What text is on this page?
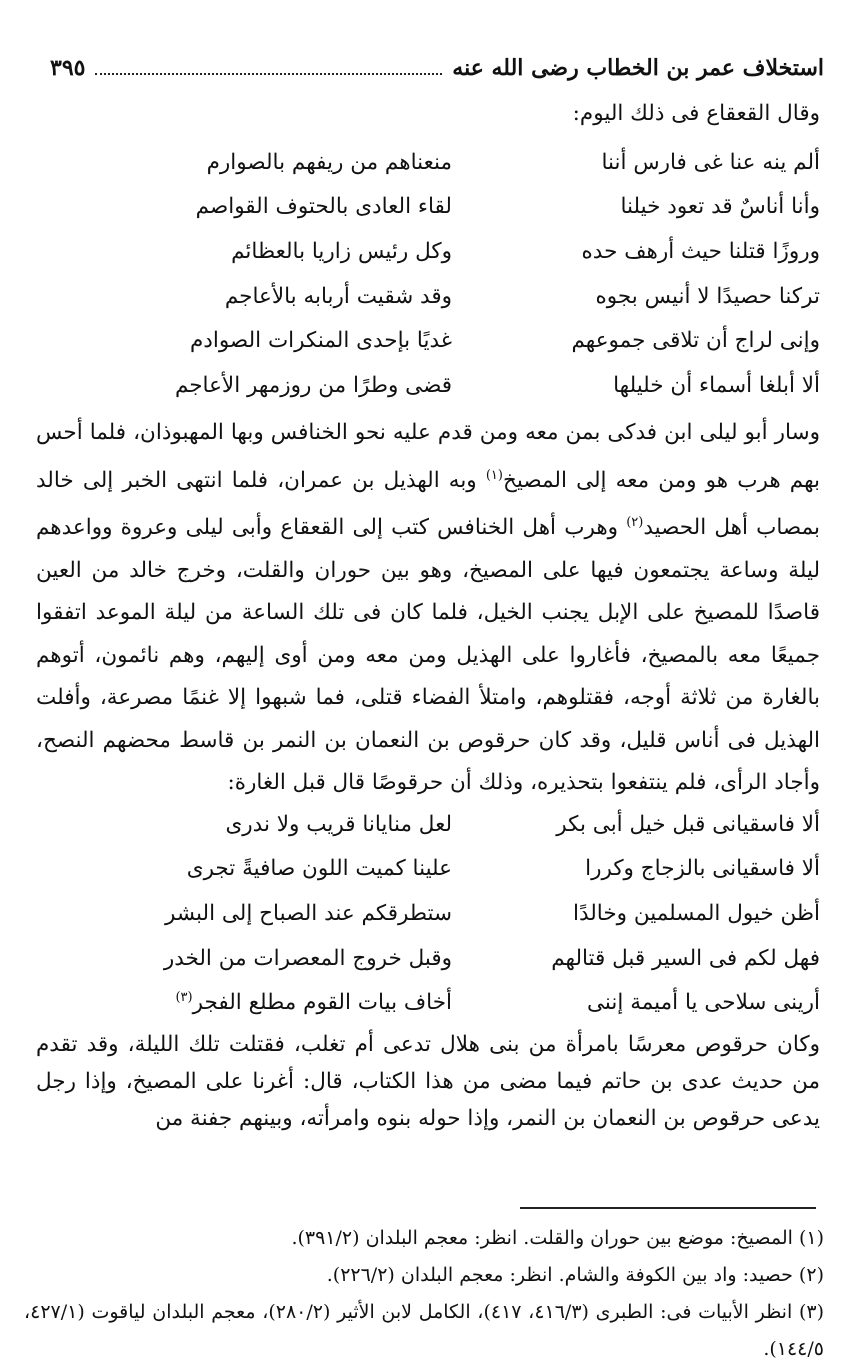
استخلاف عمر بن الخطاب رضى الله عنه
٣٩٥
وقال القعقاع فى ذلك اليوم:
ألم ينه عنا غى فارس أننا
منعناهم من ريفهم بالصوارم
وأنا أناسٌ قد تعود خيلنا
لقاء العادى بالحتوف القواصم
وروزًا قتلنا حيث أرهف حده
وكل رئيس زاريا بالعظائم
تركنا حصيدًا لا أنيس بجوه
وقد شقيت أربابه بالأعاجم
وإنى لراج أن تلاقى جموعهم
غديًا بإحدى المنكرات الصوادم
ألا أبلغا أسماء أن خليلها
قضى وطرًا من روزمهر الأعاجم
وسار أبو ليلى ابن فدكى بمن معه ومن قدم عليه نحو الخنافس وبها المهبوذان، فلما أحس بهم هرب هو ومن معه إلى المصيخ$^{(١)}$ وبه الهذيل بن عمران، فلما انتهى الخبر إلى خالد بمصاب أهل الحصيد$^{(٢)}$ وهرب أهل الخنافس كتب إلى القعقاع وأبى ليلى وعروة وواعدهم ليلة وساعة يجتمعون فيها على المصيخ، وهو بين حوران والقلت، وخرج خالد من العين قاصدًا للمصيخ على الإبل يجنب الخيل، فلما كان فى تلك الساعة من ليلة الموعد اتفقوا جميعًا معه بالمصيخ، فأغاروا على الهذيل ومن معه ومن أوى إليهم، وهم نائمون، أتوهم بالغارة من ثلاثة أوجه، فقتلوهم، وامتلأ الفضاء قتلى، فما شبهوا إلا غنمًا مصرعة، وأفلت الهذيل فى أناس قليل، وقد كان حرقوص بن النعمان بن النمر بن قاسط محضهم النصح، وأجاد الرأى، فلم ينتفعوا بتحذيره، وذلك أن حرقوصًا قال قبل الغارة:
ألا فاسقيانى قبل خيل أبى بكر
لعل منايانا قريب ولا ندرى
ألا فاسقيانى بالزجاج وكررا
علينا كميت اللون صافيةً تجرى
أظن خيول المسلمين وخالدًا
ستطرقكم عند الصباح إلى البشر
فهل لكم فى السير قبل قتالهم
وقبل خروج المعصرات من الخدر
أرينى سلاحى يا أميمة إننى
أخاف بيات القوم مطلع الفجر$^{(٣)}$
وكان حرقوص معرسًا بامرأة من بنى هلال تدعى أم تغلب، فقتلت تلك الليلة، وقد تقدم من حديث عدى بن حاتم فيما مضى من هذا الكتاب، قال: أغرنا على المصيخ، وإذا رجل يدعى حرقوص بن النعمان بن النمر، وإذا حوله بنوه وامرأته، وبينهم جفنة من

(١) المصيخ: موضع بين حوران والقلت. انظر: معجم البلدان (٣٩١/٢).

(٢) حصيد: واد بين الكوفة والشام. انظر: معجم البلدان (٢٢٦/٢).

(٣) انظر الأبيات فى: الطبرى (٤١٦/٣، ٤١٧)، الكامل لابن الأثير (٢٨٠/٢)، معجم البلدان لياقوت (٤٢٧/١، ١٤٤/٥).
